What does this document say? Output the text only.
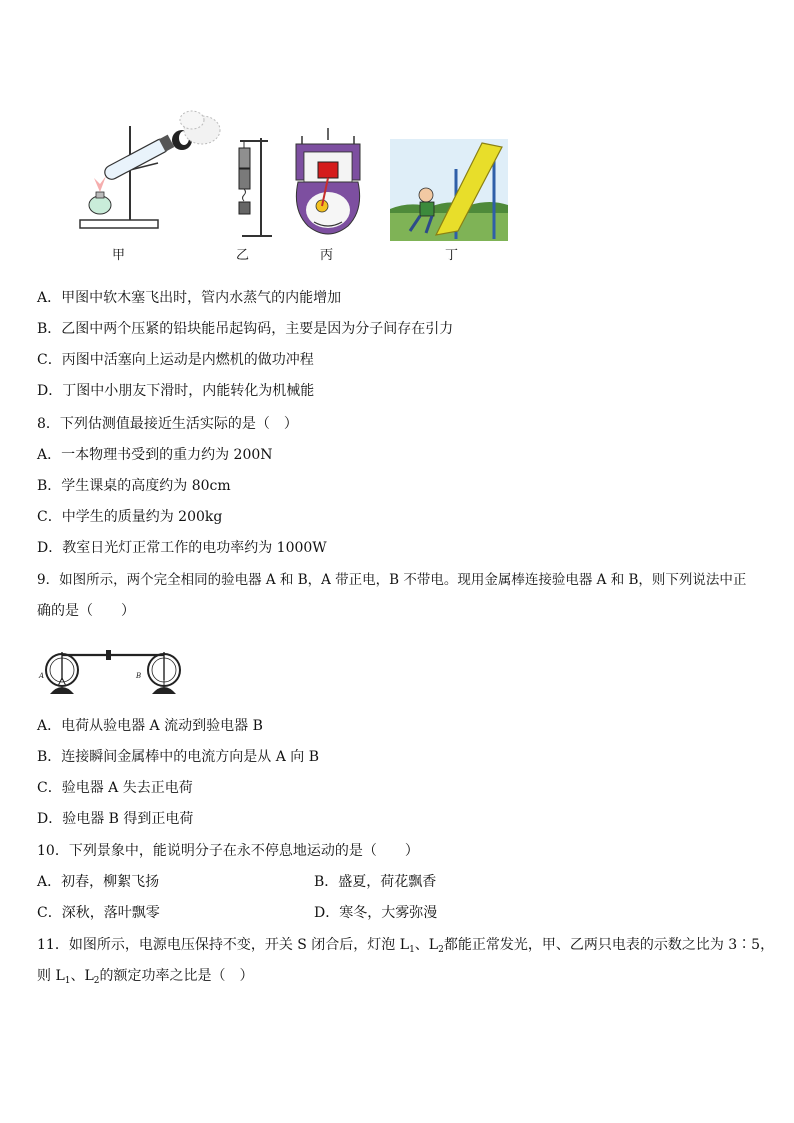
甲	乙	丙	丁
A．甲图中软木塞飞出时，管内水蒸气的内能增加
B．乙图中两个压紧的铅块能吊起钩码，主要是因为分子间存在引力
C．丙图中活塞向上运动是内燃机的做功冲程
D．丁图中小朋友下滑时，内能转化为机械能
8．下列估测值最接近生活实际的是（　）
A．一本物理书受到的重力约为 200N
B．学生课桌的高度约为 80cm
C．中学生的质量约为 200kg
D．教室日光灯正常工作的电功率约为 1000W
9．如图所示，两个完全相同的验电器 A 和 B，A 带正电，B 不带电。现用金属棒连接验电器 A 和 B，则下列说法中正
确的是（　　）
A	B
A．电荷从验电器 A 流动到验电器 B
B．连接瞬间金属棒中的电流方向是从 A 向 B
C．验电器 A 失去正电荷
D．验电器 B 得到正电荷
10．下列景象中，能说明分子在永不停息地运动的是（　　）
A．初春，柳絮飞扬	B．盛夏，荷花飘香
C．深秋，落叶飘零	D．寒冬，大雾弥漫
11．如图所示，电源电压保持不变，开关 S 闭合后，灯泡 $L_1$、$L_2$都能正常发光，甲、乙两只电表的示数之比为 3∶5，
则 $L_1$、$L_2$的额定功率之比是（　）
